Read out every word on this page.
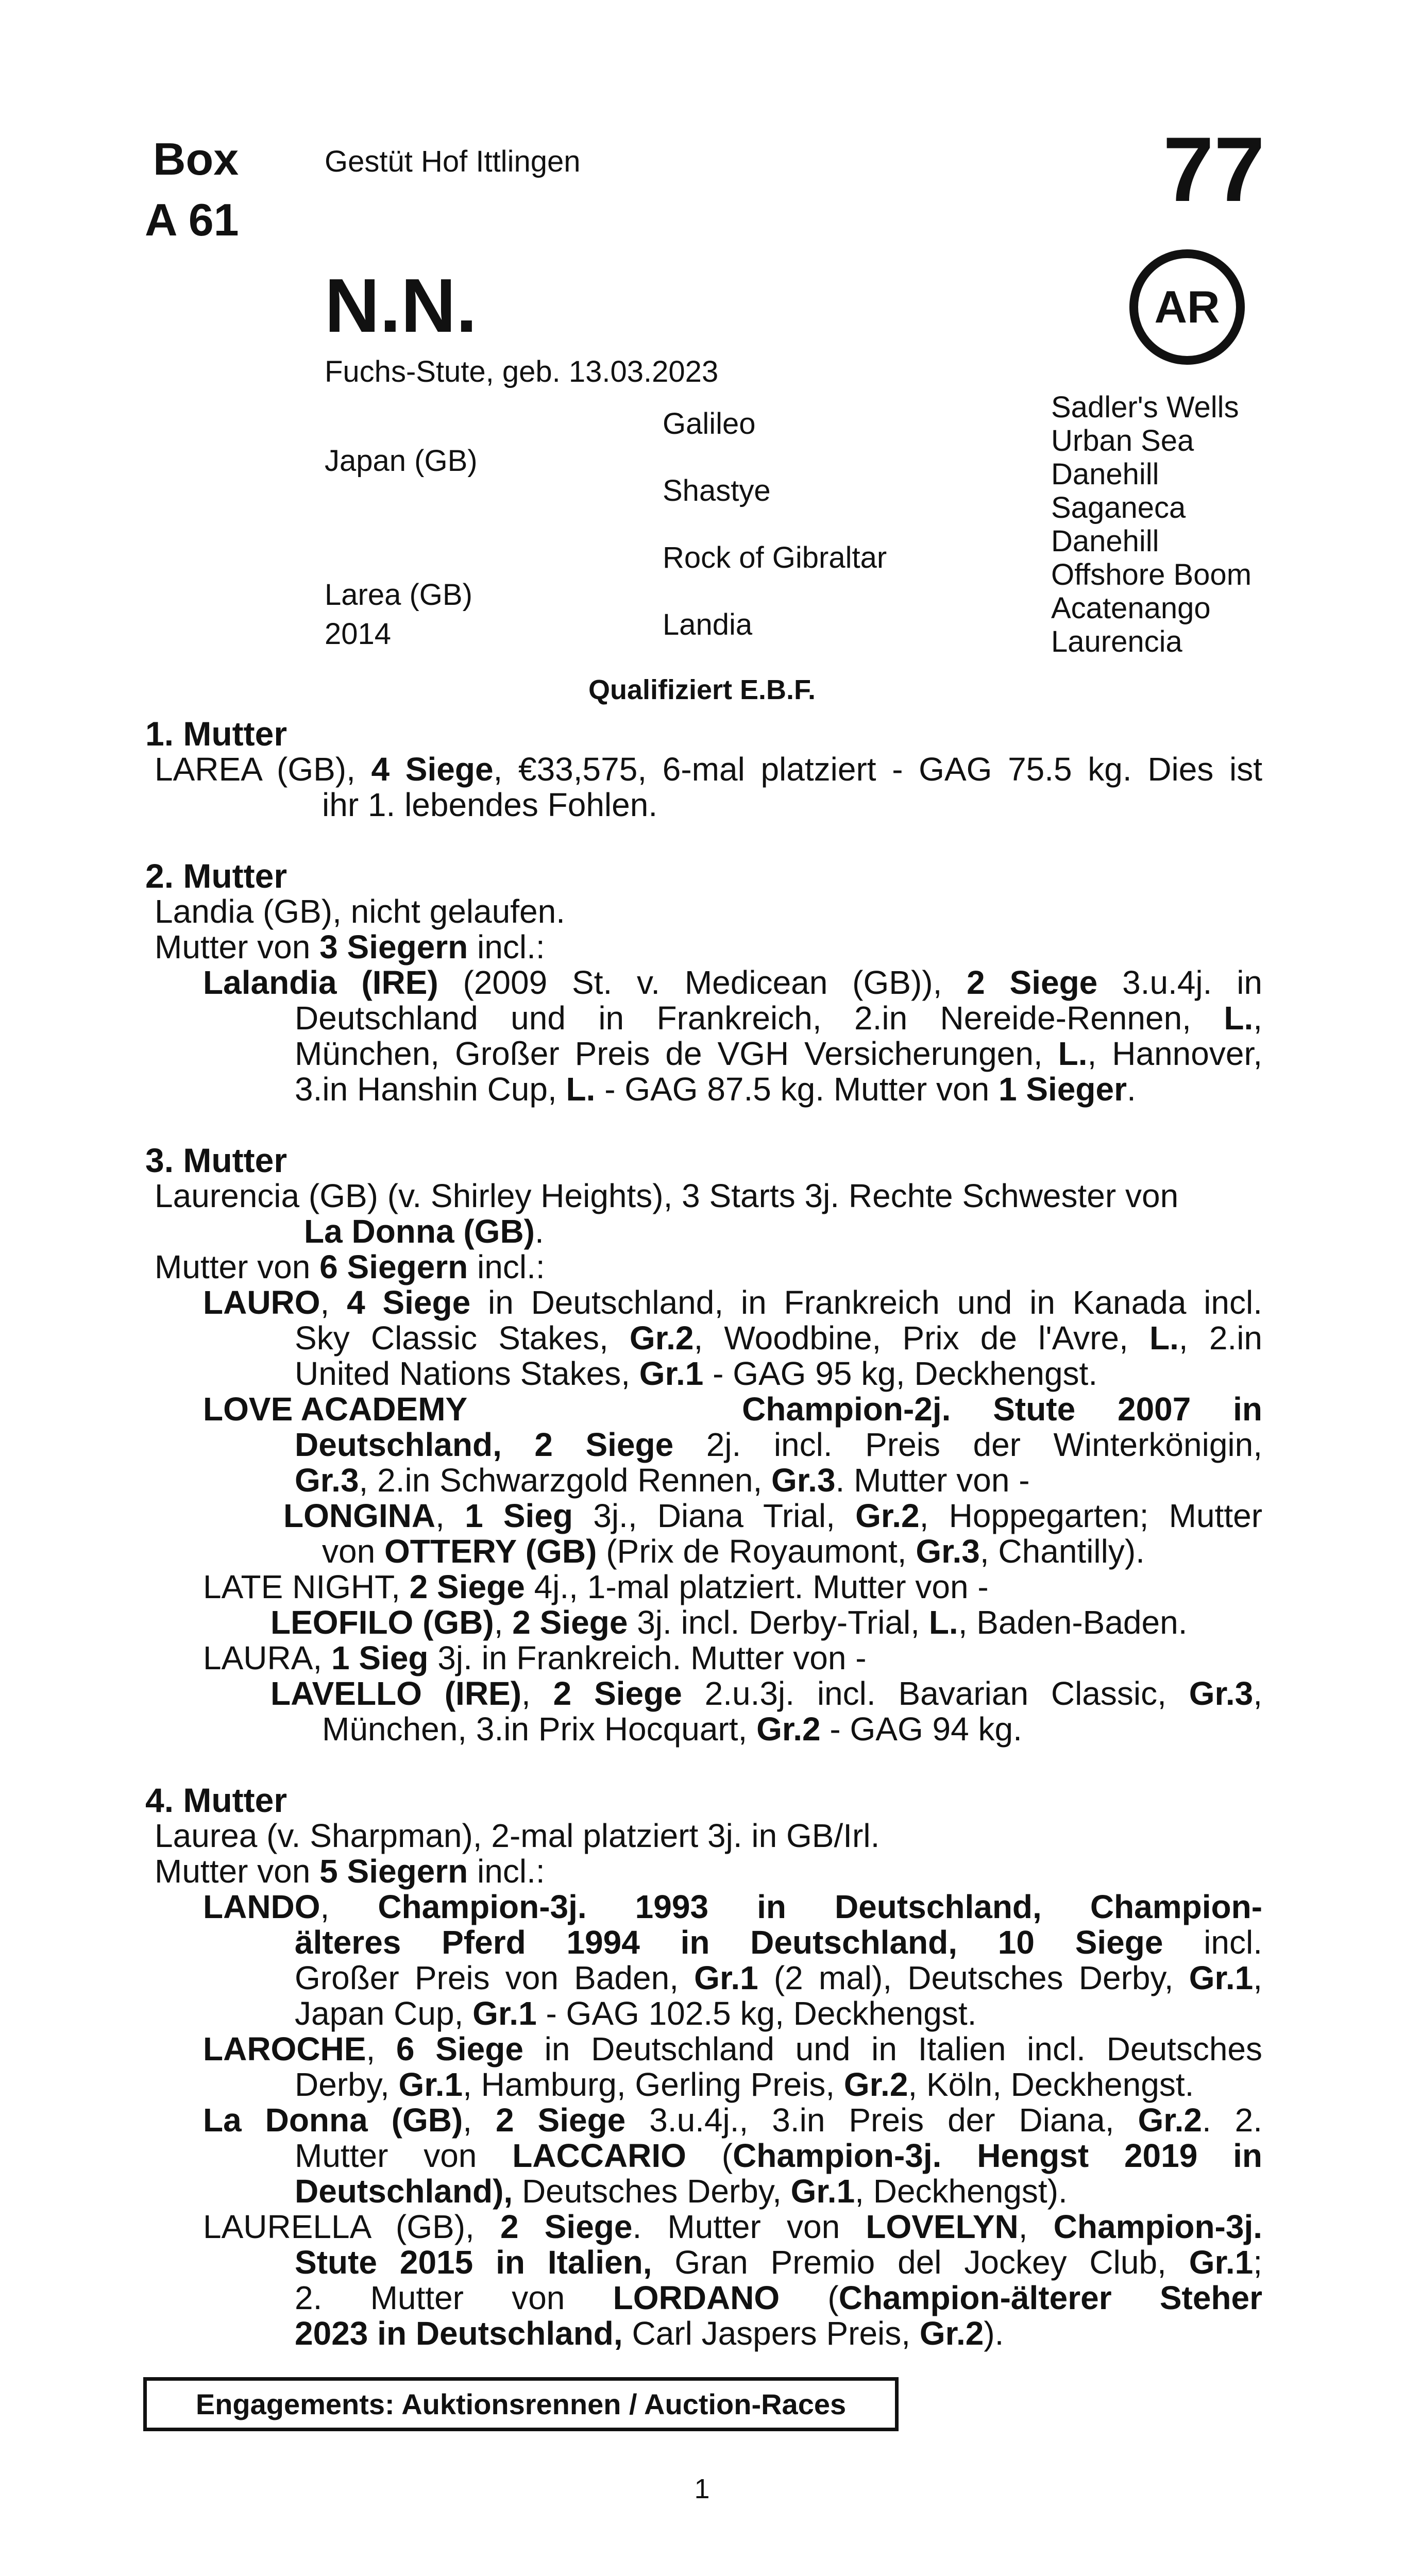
Box
A 61
Gestüt Hof Ittlingen	77
AR
N.N.
Fuchs-Stute, geb. 13.03.2023
Japan (GB)
Larea (GB)
2014
Galileo
Shastye
Rock of Gibraltar
Landia
Sadler's Wells
Urban Sea
Danehill
Saganeca
Danehill
Offshore Boom
Acatenango
Laurencia
Qualifiziert E.B.F.
1. Mutter
LAREA (GB), 4 Siege, €33,575, 6-mal platziert - GAG 75.5 kg. Dies ist
ihr 1. lebendes Fohlen.
2. Mutter
Landia (GB), nicht gelaufen.
Mutter von 3 Siegern incl.:
Lalandia (IRE) (2009 St. v. Medicean (GB)), 2 Siege 3.u.4j. in
Deutschland und in Frankreich, 2.in Nereide-Rennen, L.,
München, Großer Preis de VGH Versicherungen, L., Hannover,
3.in Hanshin Cup, L. - GAG 87.5 kg. Mutter von 1 Sieger.
3. Mutter
Laurencia (GB) (v. Shirley Heights), 3 Starts 3j. Rechte Schwester von
La Donna (GB).
Mutter von 6 Siegern incl.:
LAURO, 4 Siege in Deutschland, in Frankreich und in Kanada incl.
Sky Classic Stakes, Gr.2, Woodbine, Prix de l'Avre, L., 2.in
United Nations Stakes, Gr.1 - GAG 95 kg, Deckhengst.
LOVE ACADEMY	Champion-2j. Stute 2007 in
Deutschland, 2 Siege 2j. incl. Preis der Winterkönigin,
Gr.3, 2.in Schwarzgold Rennen, Gr.3. Mutter von -
LONGINA, 1 Sieg 3j., Diana Trial, Gr.2, Hoppegarten; Mutter
von OTTERY (GB) (Prix de Royaumont, Gr.3, Chantilly).
LATE NIGHT, 2 Siege 4j., 1-mal platziert. Mutter von -
LEOFILO (GB), 2 Siege 3j. incl. Derby-Trial, L., Baden-Baden.
LAURA, 1 Sieg 3j. in Frankreich. Mutter von -
LAVELLO (IRE), 2 Siege 2.u.3j. incl. Bavarian Classic, Gr.3,
München, 3.in Prix Hocquart, Gr.2 - GAG 94 kg.
4. Mutter
Laurea (v. Sharpman), 2-mal platziert 3j. in GB/Irl.
Mutter von 5 Siegern incl.:
LANDO, Champion-3j. 1993 in Deutschland, Champion-
älteres Pferd 1994 in Deutschland, 10 Siege incl.
Großer Preis von Baden, Gr.1 (2 mal), Deutsches Derby, Gr.1,
Japan Cup, Gr.1 - GAG 102.5 kg, Deckhengst.
LAROCHE, 6 Siege in Deutschland und in Italien incl. Deutsches
Derby, Gr.1, Hamburg, Gerling Preis, Gr.2, Köln, Deckhengst.
La Donna (GB), 2 Siege 3.u.4j., 3.in Preis der Diana, Gr.2. 2.
Mutter von LACCARIO (Champion-3j. Hengst 2019 in
Deutschland), Deutsches Derby, Gr.1, Deckhengst).
LAURELLA (GB), 2 Siege. Mutter von LOVELYN, Champion-3j.
Stute 2015 in Italien, Gran Premio del Jockey Club, Gr.1;
2. Mutter von LORDANO (Champion-älterer Steher
2023 in Deutschland, Carl Jaspers Preis, Gr.2).
Engagements: Auktionsrennen / Auction-Races
1
